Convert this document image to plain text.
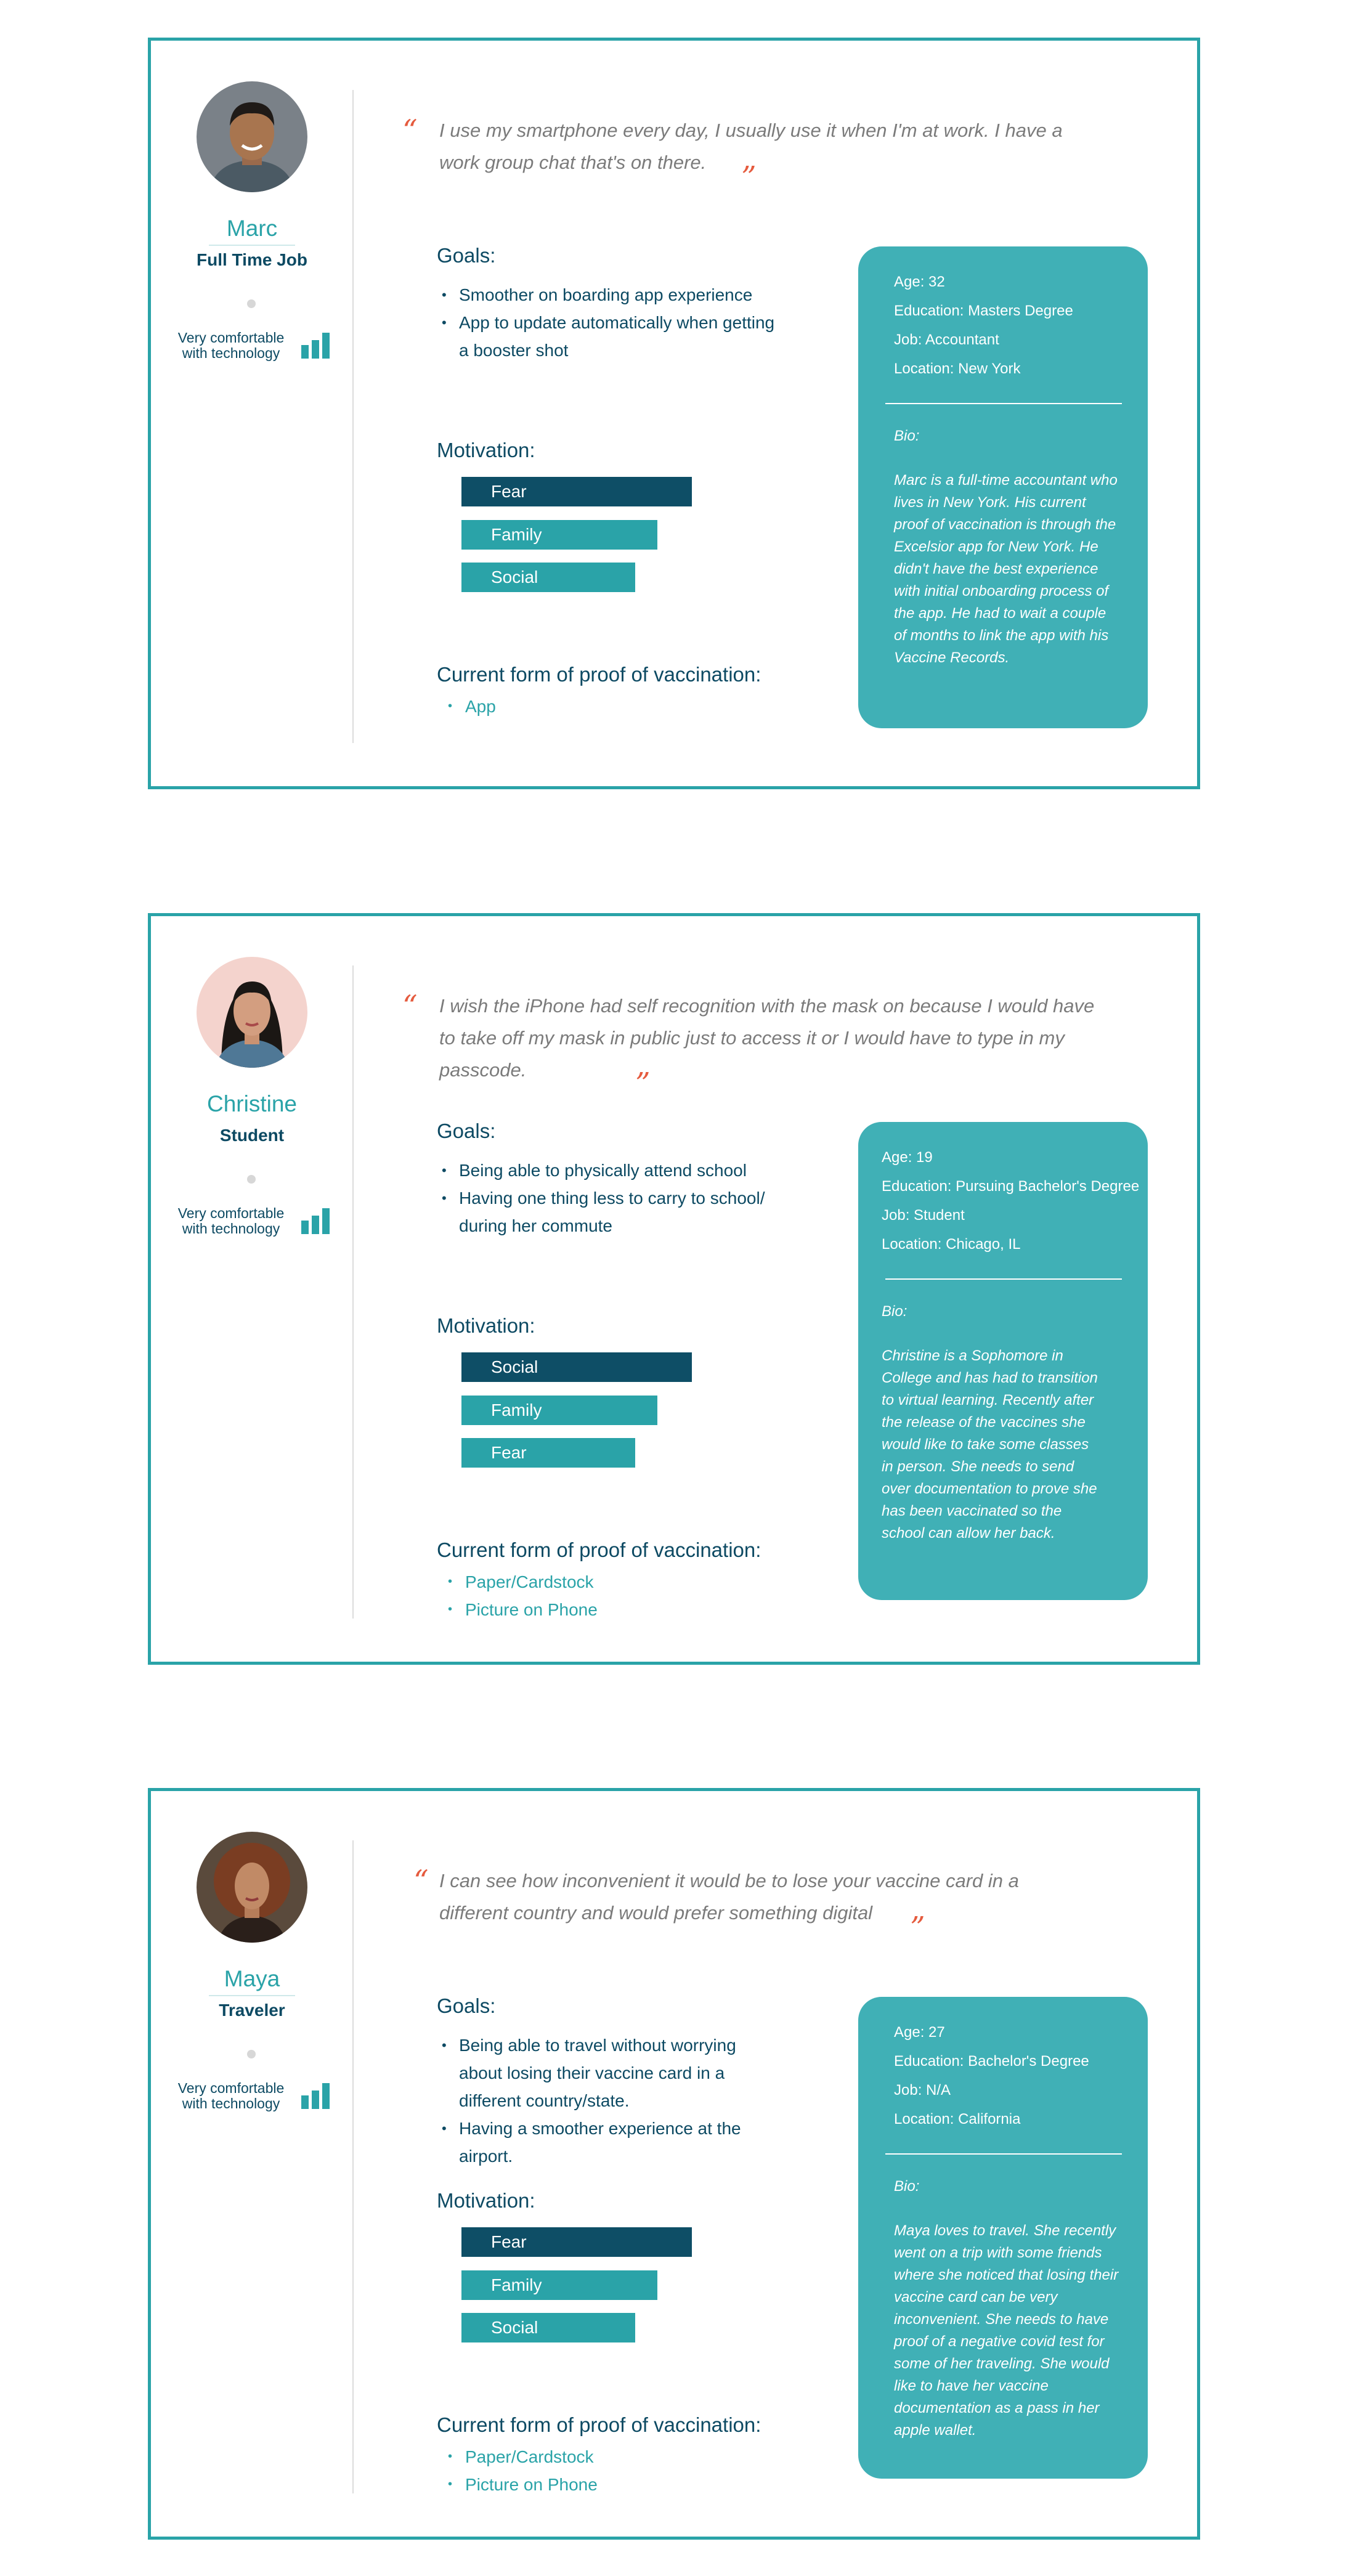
Marc
Full Time Job
Very comfortable with technology
“ I use my smartphone every day, I usually use it when I'm at work. I have a work group chat that's on there.	”
Goals:
• Smoother on boarding app experience
• App to update automatically when getting a booster shot
Motivation:
Fear
Family
Social
Current form of proof of vaccination:
• App
Age: 32
Education: Masters Degree
Job: Accountant
Location: New York
Bio:
Marc is a full-time accountant who lives in New York. His current proof of vaccination is through the Excelsior app for New York. He didn't have the best experience with initial onboarding process of the app. He had to wait a couple of months to link the app with his Vaccine Records.
Christine
Student
Very comfortable with technology
“ I wish the iPhone had self recognition with the mask on because I would have to take off my mask in public just to access it or I would have to type in my passcode.	”
Goals:
• Being able to physically attend school
• Having one thing less to carry to school/ during her commute
Motivation:
Social
Family
Fear
Current form of proof of vaccination:
• Paper/Cardstock
• Picture on Phone
Age: 19
Education: Pursuing Bachelor's Degree
Job: Student
Location: Chicago, IL
Bio:
Christine is a Sophomore in College and has had to transition to virtual learning. Recently after the release of the vaccines she would like to take some classes in person. She needs to send over documentation to prove she has been vaccinated so the school can allow her back.
Maya
Traveler
Very comfortable with technology
“ I can see how inconvenient it would be to lose your vaccine card in a different country and would prefer something digital	”
Goals:
• Being able to travel without worrying about losing their vaccine card in a different country/state.
• Having a smoother experience at the airport.
Motivation:
Fear
Family
Social
Current form of proof of vaccination:
• Paper/Cardstock
• Picture on Phone
Age: 27
Education: Bachelor's Degree
Job: N/A
Location: California
Bio:
Maya loves to travel. She recently went on a trip with some friends where she noticed that losing their vaccine card can be very inconvenient. She needs to have proof of a negative covid test for some of her traveling. She would like to have her vaccine documentation as a pass in her apple wallet.
